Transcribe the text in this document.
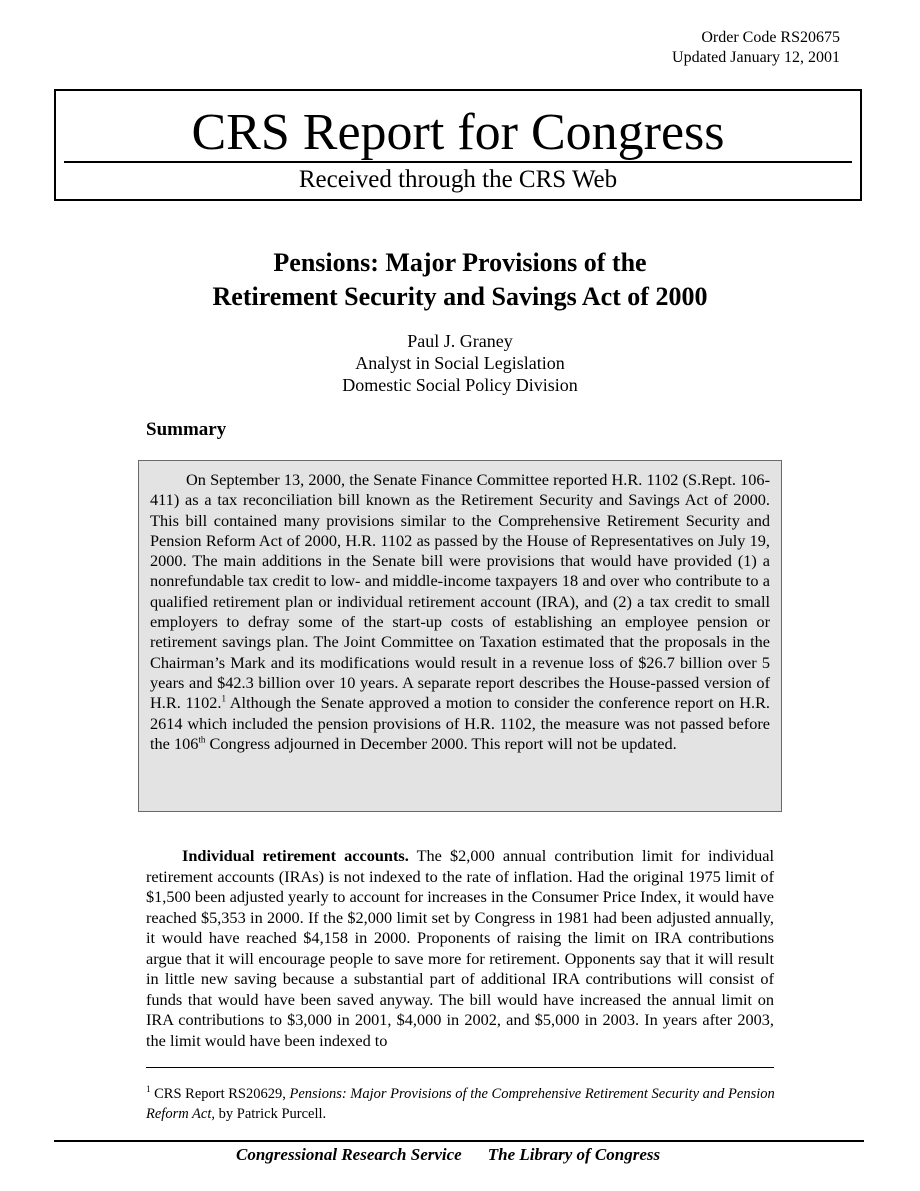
Order Code RS20675
Updated January 12, 2001
CRS Report for Congress
Received through the CRS Web
Pensions: Major Provisions of the
Retirement Security and Savings Act of 2000
Paul J. Graney
Analyst in Social Legislation
Domestic Social Policy Division
Summary

On September 13, 2000, the Senate Finance Committee reported H.R. 1102 (S.Rept. 106-411) as a tax reconciliation bill known as the Retirement Security and Savings Act of 2000. This bill contained many provisions similar to the Comprehensive Retirement Security and Pension Reform Act of 2000, H.R. 1102 as passed by the House of Representatives on July 19, 2000. The main additions in the Senate bill were provisions that would have provided (1) a nonrefundable tax credit to low- and middle-income taxpayers 18 and over who contribute to a qualified retirement plan or individual retirement account (IRA), and (2) a tax credit to small employers to defray some of the start-up costs of establishing an employee pension or retirement savings plan. The Joint Committee on Taxation estimated that the proposals in the Chairman’s Mark and its modifications would result in a revenue loss of $26.7 billion over 5 years and $42.3 billion over 10 years. A separate report describes the House-passed version of H.R. 1102.$^1$ Although the Senate approved a motion to consider the conference report on H.R. 2614 which included the pension provisions of H.R. 1102, the measure was not passed before the 106th Congress adjourned in December 2000. This report will not be updated.

Individual retirement accounts. The $2,000 annual contribution limit for individual retirement accounts (IRAs) is not indexed to the rate of inflation. Had the original 1975 limit of $1,500 been adjusted yearly to account for increases in the Consumer Price Index, it would have reached $5,353 in 2000. If the $2,000 limit set by Congress in 1981 had been adjusted annually, it would have reached $4,158 in 2000. Proponents of raising the limit on IRA contributions argue that it will encourage people to save more for retirement. Opponents say that it will result in little new saving because a substantial part of additional IRA contributions will consist of funds that would have been saved anyway. The bill would have increased the annual limit on IRA contributions to $3,000 in 2001, $4,000 in 2002, and $5,000 in 2003. In years after 2003, the limit would have been indexed to

$^1$ CRS Report RS20629, Pensions: Major Provisions of the Comprehensive Retirement Security and Pension Reform Act, by Patrick Purcell.

Congressional Research Service The Library of Congress
